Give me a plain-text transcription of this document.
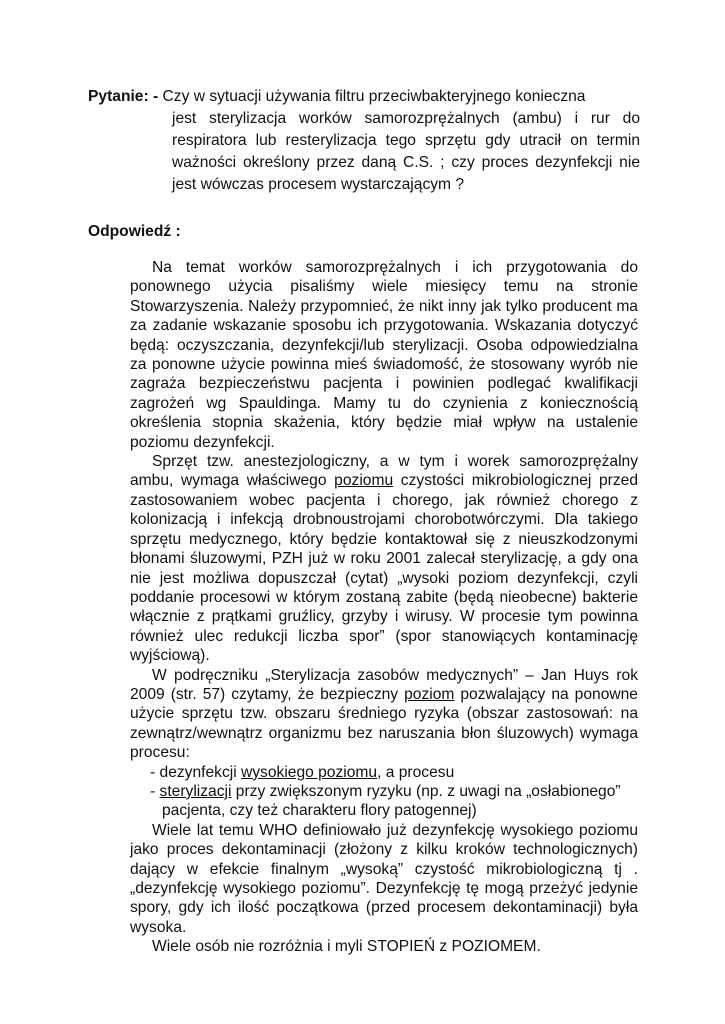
Pytanie: - Czy w sytuacji używania filtru przeciwbakteryjnego konieczna
jest sterylizacja worków samorozprężalnych (ambu) i rur do respiratora lub resterylizacja tego sprzętu gdy utracił on termin ważności określony przez daną C.S. ; czy proces dezynfekcji nie jest wówczas procesem wystarczającym ?
Odpowiedź :

Na temat worków samorozprężalnych i ich przygotowania do ponownego użycia pisaliśmy wiele miesięcy temu na stronie Stowarzyszenia. Należy przypomnieć, że nikt inny jak tylko producent ma za zadanie wskazanie sposobu ich przygotowania. Wskazania dotyczyć będą: oczyszczania, dezynfekcji/lub sterylizacji. Osoba odpowiedzialna za ponowne użycie powinna mieś świadomość, że stosowany wyrób nie zagraża bezpieczeństwu pacjenta i powinien podlegać kwalifikacji zagrożeń wg Spauldinga. Mamy tu do czynienia z koniecznością określenia stopnia skażenia, który będzie miał wpływ na ustalenie poziomu dezynfekcji.

Sprzęt tzw. anestezjologiczny, a w tym i worek samorozprężalny ambu, wymaga właściwego poziomu czystości mikrobiologicznej przed zastosowaniem wobec pacjenta i chorego, jak również chorego z kolonizacją i infekcją drobnoustrojami chorobotwórczymi. Dla takiego sprzętu medycznego, który będzie kontaktował się z nieuszkodzonymi błonami śluzowymi, PZH już w roku 2001 zalecał sterylizację, a gdy ona nie jest możliwa dopuszczał (cytat) „wysoki poziom dezynfekcji, czyli poddanie procesowi w którym zostaną zabite (będą nieobecne) bakterie włącznie z prątkami gruźlicy, grzyby i wirusy. W procesie tym powinna również ulec redukcji liczba spor” (spor stanowiących kontaminację wyjściową).

W podręczniku „Sterylizacja zasobów medycznych” – Jan Huys rok 2009 (str. 57) czytamy, że bezpieczny poziom pozwalający na ponowne użycie sprzętu tzw. obszaru średniego ryzyka (obszar zastosowań: na zewnątrz/wewnątrz organizmu bez naruszania błon śluzowych) wymaga procesu:

- dezynfekcji wysokiego poziomu, a procesu
- sterylizacji przy zwiększonym ryzyku (np. z uwagi na „osłabionego”
pacjenta, czy też charakteru flory patogennej)

Wiele lat temu WHO definiowało już dezynfekcję wysokiego poziomu jako proces dekontaminacji (złożony z kilku kroków technologicznych) dający w efekcie finalnym „wysoką” czystość mikrobiologiczną tj . „dezynfekcję wysokiego poziomu”. Dezynfekcję tę mogą przeżyć jedynie spory, gdy ich ilość początkowa (przed procesem dekontaminacji) była wysoka.

Wiele osób nie rozróżnia i myli STOPIEŃ z POZIOMEM.
